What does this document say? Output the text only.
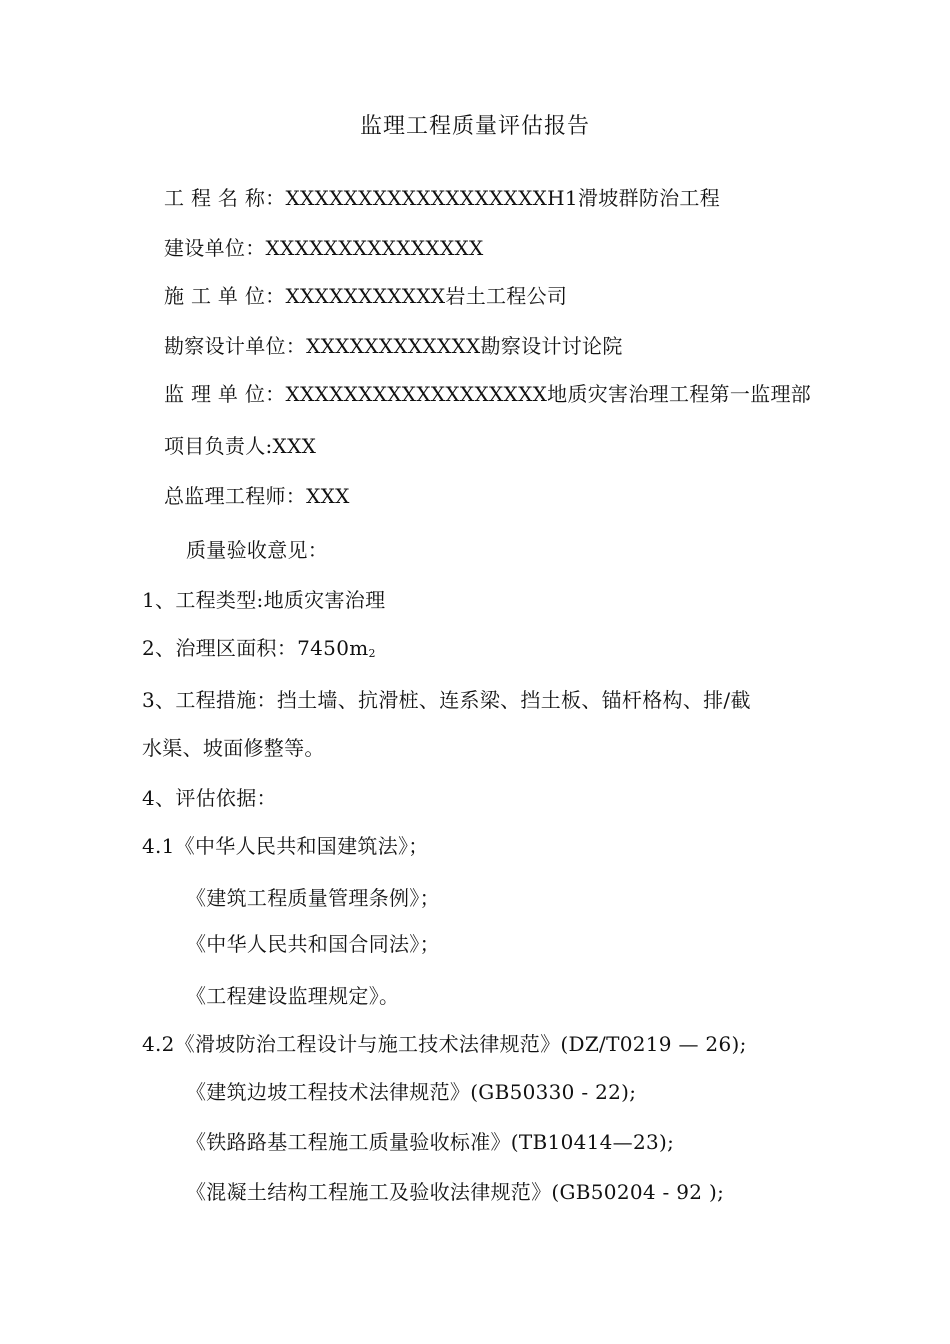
监理工程质量评估报告
工 程 名 称：XXXXXXXXXXXXXXXXXXH1滑坡群防治工程
建设单位：XXXXXXXXXXXXXXX
施 工 单 位：XXXXXXXXXXX岩土工程公司
勘察设计单位：XXXXXXXXXXXX勘察设计讨论院
监 理 单 位：XXXXXXXXXXXXXXXXXX地质灾害治理工程第一监理部
项目负责人:XXX
总监理工程师：XXX
质量验收意见：
1、工程类型:地质灾害治理
2、治理区面积：7450m2
3、工程措施：挡土墙、抗滑桩、连系梁、挡土板、锚杆格构、排/截
水渠、坡面修整等。
4、评估依据：
4.1《中华人民共和国建筑法》；
《建筑工程质量管理条例》；
《中华人民共和国合同法》；
《工程建设监理规定》。
4.2《滑坡防治工程设计与施工技术法律规范》(DZ/T0219 — 26);
《建筑边坡工程技术法律规范》(GB50330 - 22);
《铁路路基工程施工质量验收标准》(TB10414—23);
《混凝土结构工程施工及验收法律规范》(GB50204 - 92 );
